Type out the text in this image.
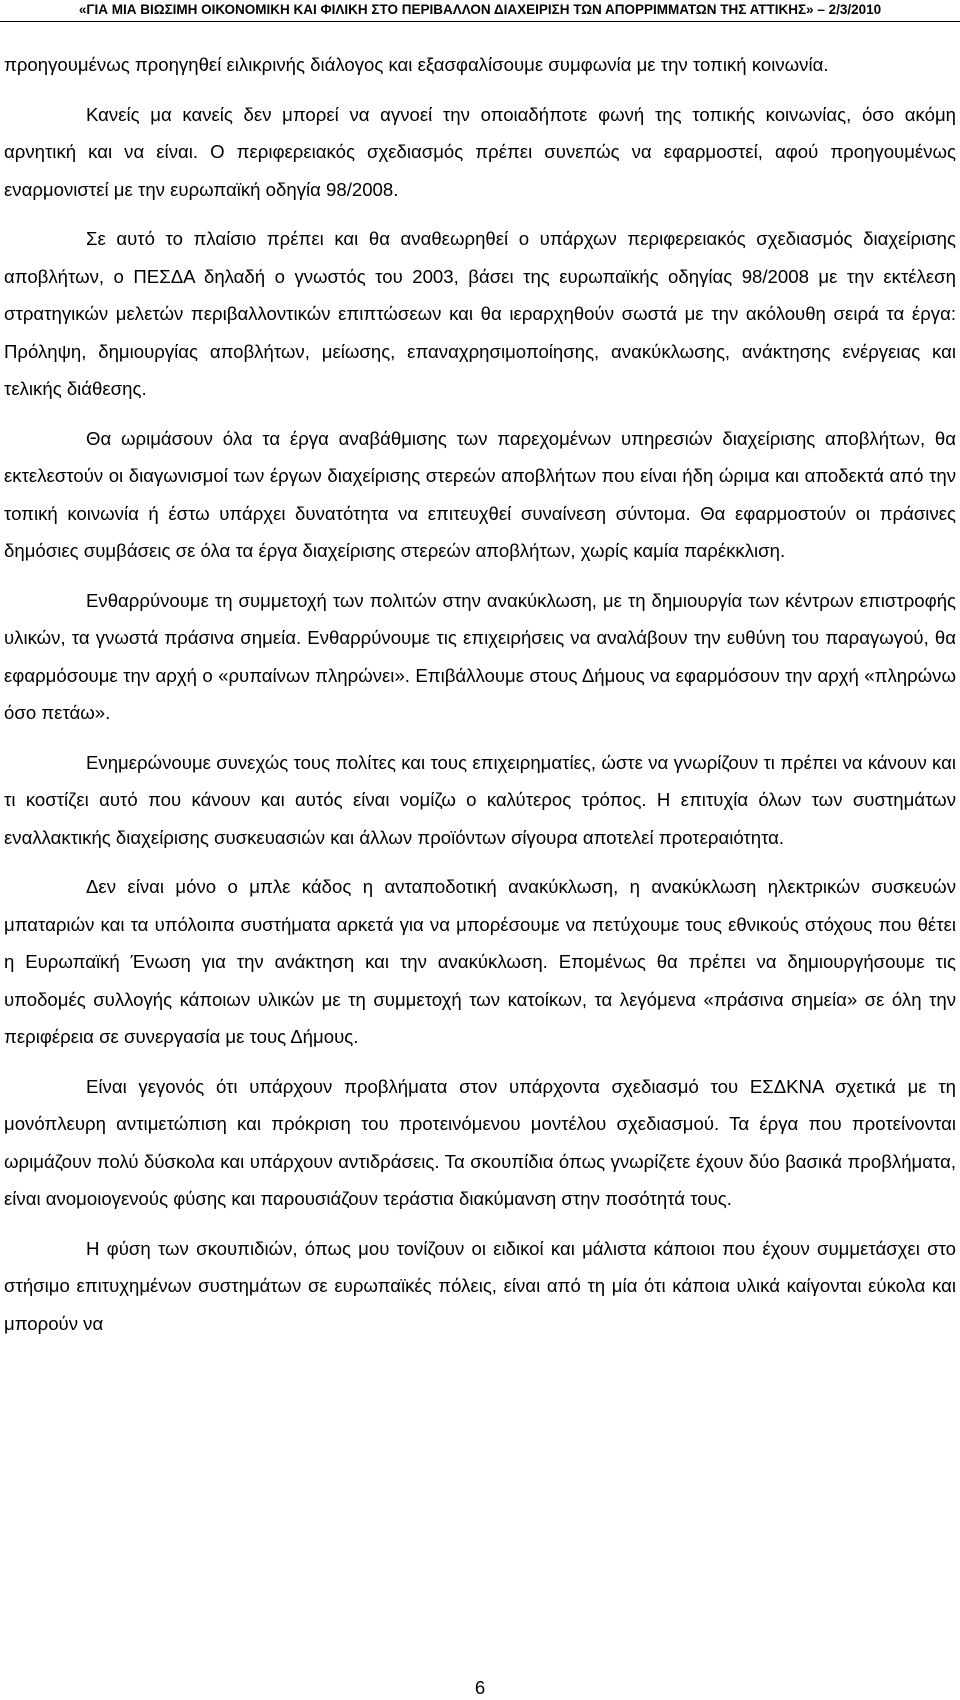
«ΓΙΑ ΜΙΑ ΒΙΩΣΙΜΗ ΟΙΚΟΝΟΜΙΚΗ ΚΑΙ ΦΙΛΙΚΗ ΣΤΟ ΠΕΡΙΒΑΛΛΟΝ ΔΙΑΧΕΙΡΙΣΗ ΤΩΝ ΑΠΟΡΡΙΜΜΑΤΩΝ ΤΗΣ ΑΤΤΙΚΗΣ» – 2/3/2010

προηγουμένως προηγηθεί ειλικρινής διάλογος και εξασφαλίσουμε συμφωνία με την τοπική κοινωνία.

Κανείς μα κανείς δεν μπορεί να αγνοεί την οποιαδήποτε φωνή της τοπικής κοινωνίας, όσο ακόμη αρνητική και να είναι. Ο περιφερειακός σχεδιασμός πρέπει συνεπώς να εφαρμοστεί, αφού προηγουμένως εναρμονιστεί με την ευρωπαϊκή οδηγία 98/2008.

Σε αυτό το πλαίσιο πρέπει και θα αναθεωρηθεί ο υπάρχων περιφερειακός σχεδιασμός διαχείρισης αποβλήτων, ο ΠΕΣΔΑ δηλαδή ο γνωστός του 2003, βάσει της ευρωπαϊκής οδηγίας 98/2008 με την εκτέλεση στρατηγικών μελετών περιβαλλοντικών επιπτώσεων και θα ιεραρχηθούν σωστά με την ακόλουθη σειρά τα έργα: Πρόληψη, δημιουργίας αποβλήτων, μείωσης, επαναχρησιμοποίησης, ανακύκλωσης, ανάκτησης ενέργειας και τελικής διάθεσης.

Θα ωριμάσουν όλα τα έργα αναβάθμισης των παρεχομένων υπηρεσιών διαχείρισης αποβλήτων, θα εκτελεστούν οι διαγωνισμοί των έργων διαχείρισης στερεών αποβλήτων που είναι ήδη ώριμα και αποδεκτά από την τοπική κοινωνία ή έστω υπάρχει δυνατότητα να επιτευχθεί συναίνεση σύντομα. Θα εφαρμοστούν οι πράσινες δημόσιες συμβάσεις σε όλα τα έργα διαχείρισης στερεών αποβλήτων, χωρίς καμία παρέκκλιση.

Ενθαρρύνουμε τη συμμετοχή των πολιτών στην ανακύκλωση, με τη δημιουργία των κέντρων επιστροφής υλικών, τα γνωστά πράσινα σημεία. Ενθαρρύνουμε τις επιχειρήσεις να αναλάβουν την ευθύνη του παραγωγού, θα εφαρμόσουμε την αρχή ο «ρυπαίνων πληρώνει». Επιβάλλουμε στους Δήμους να εφαρμόσουν την αρχή «πληρώνω όσο πετάω».

Ενημερώνουμε συνεχώς τους πολίτες και τους επιχειρηματίες, ώστε να γνωρίζουν τι πρέπει να κάνουν και τι κοστίζει αυτό που κάνουν και αυτός είναι νομίζω ο καλύτερος τρόπος. Η επιτυχία όλων των συστημάτων εναλλακτικής διαχείρισης συσκευασιών και άλλων προϊόντων σίγουρα αποτελεί προτεραιότητα.

Δεν είναι μόνο ο μπλε κάδος η ανταποδοτική ανακύκλωση, η ανακύκλωση ηλεκτρικών συσκευών μπαταριών και τα υπόλοιπα συστήματα αρκετά για να μπορέσουμε να πετύχουμε τους εθνικούς στόχους που θέτει η Ευρωπαϊκή Ένωση για την ανάκτηση και την ανακύκλωση. Επομένως θα πρέπει να δημιουργήσουμε τις υποδομές συλλογής κάποιων υλικών με τη συμμετοχή των κατοίκων, τα λεγόμενα «πράσινα σημεία» σε όλη την περιφέρεια σε συνεργασία με τους Δήμους.

Είναι γεγονός ότι υπάρχουν προβλήματα στον υπάρχοντα σχεδιασμό του ΕΣΔΚΝΑ σχετικά με τη μονόπλευρη αντιμετώπιση και πρόκριση του προτεινόμενου μοντέλου σχεδιασμού. Τα έργα που προτείνονται ωριμάζουν πολύ δύσκολα και υπάρχουν αντιδράσεις. Τα σκουπίδια όπως γνωρίζετε έχουν δύο βασικά προβλήματα, είναι ανομοιογενούς φύσης και παρουσιάζουν τεράστια διακύμανση στην ποσότητά τους.

Η φύση των σκουπιδιών, όπως μου τονίζουν οι ειδικοί και μάλιστα κάποιοι που έχουν συμμετάσχει στο στήσιμο επιτυχημένων συστημάτων σε ευρωπαϊκές πόλεις, είναι από τη μία ότι κάποια υλικά καίγονται εύκολα και μπορούν να

6
